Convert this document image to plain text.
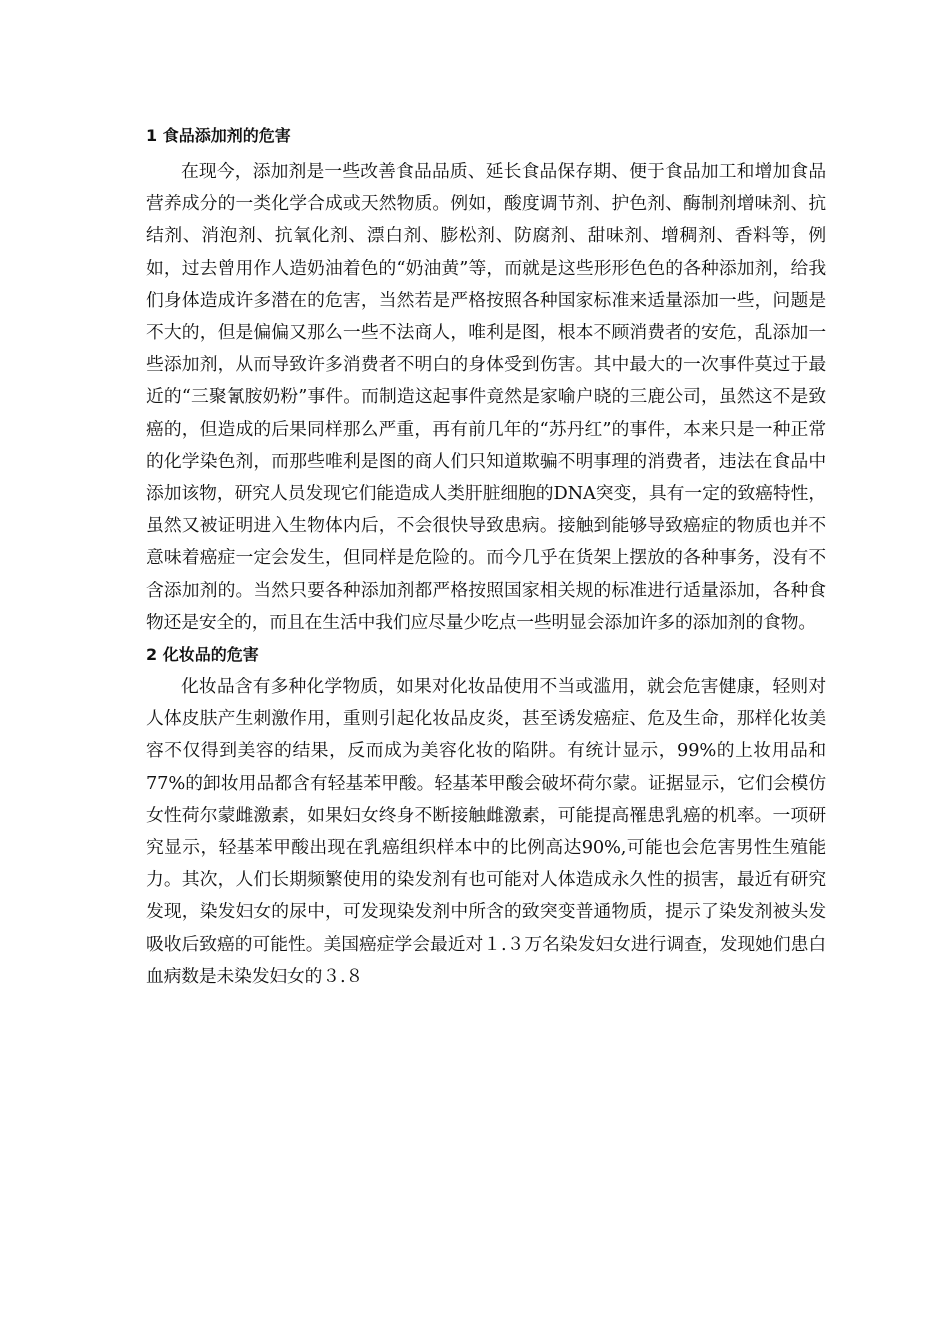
1 食品添加剂的危害

在现今，添加剂是一些改善食品品质、延长食品保存期、便于食品加工和增加食品营养成分的一类化学合成或天然物质。例如，酸度调节剂、护色剂、酶制剂增味剂、抗结剂、消泡剂、抗氧化剂、漂白剂、膨松剂、防腐剂、甜味剂、增稠剂、香料等，例如，过去曾用作人造奶油着色的“奶油黄”等，而就是这些形形色色的各种添加剂，给我们身体造成许多潜在的危害，当然若是严格按照各种国家标准来适量添加一些，问题是不大的，但是偏偏又那么一些不法商人，唯利是图，根本不顾消费者的安危，乱添加一些添加剂，从而导致许多消费者不明白的身体受到伤害。其中最大的一次事件莫过于最近的“三聚氰胺奶粉”事件。而制造这起事件竟然是家喻户晓的三鹿公司，虽然这不是致癌的，但造成的后果同样那么严重，再有前几年的“苏丹红”的事件，本来只是一种正常的化学染色剂，而那些唯利是图的商人们只知道欺骗不明事理的消费者，违法在食品中添加该物，研究人员发现它们能造成人类肝脏细胞的DNA突变，具有一定的致癌特性，虽然又被证明进入生物体内后，不会很快导致患病。接触到能够导致癌症的物质也并不意味着癌症一定会发生，但同样是危险的。而今几乎在货架上摆放的各种事务，没有不含添加剂的。当然只要各种添加剂都严格按照国家相关规的标准进行适量添加，各种食物还是安全的，而且在生活中我们应尽量少吃点一些明显会添加许多的添加剂的食物。

2 化妆品的危害

化妆品含有多种化学物质，如果对化妆品使用不当或滥用，就会危害健康，轻则对人体皮肤产生刺激作用，重则引起化妆品皮炎，甚至诱发癌症、危及生命，那样化妆美容不仅得到美容的结果，反而成为美容化妆的陷阱。有统计显示，99%的上妆用品和77%的卸妆用品都含有轻基苯甲酸。轻基苯甲酸会破坏荷尔蒙。证据显示，它们会模仿女性荷尔蒙雌激素，如果妇女终身不断接触雌激素，可能提高罹患乳癌的机率。一项研究显示，轻基苯甲酸出现在乳癌组织样本中的比例高达90%,可能也会危害男性生殖能力。其次，人们长期频繁使用的染发剂有也可能对人体造成永久性的损害，最近有研究发现，染发妇女的尿中，可发现染发剂中所含的致突变普通物质，提示了染发剂被头发吸收后致癌的可能性。美国癌症学会最近对１.３万名染发妇女进行调查，发现她们患白血病数是未染发妇女的３.８
